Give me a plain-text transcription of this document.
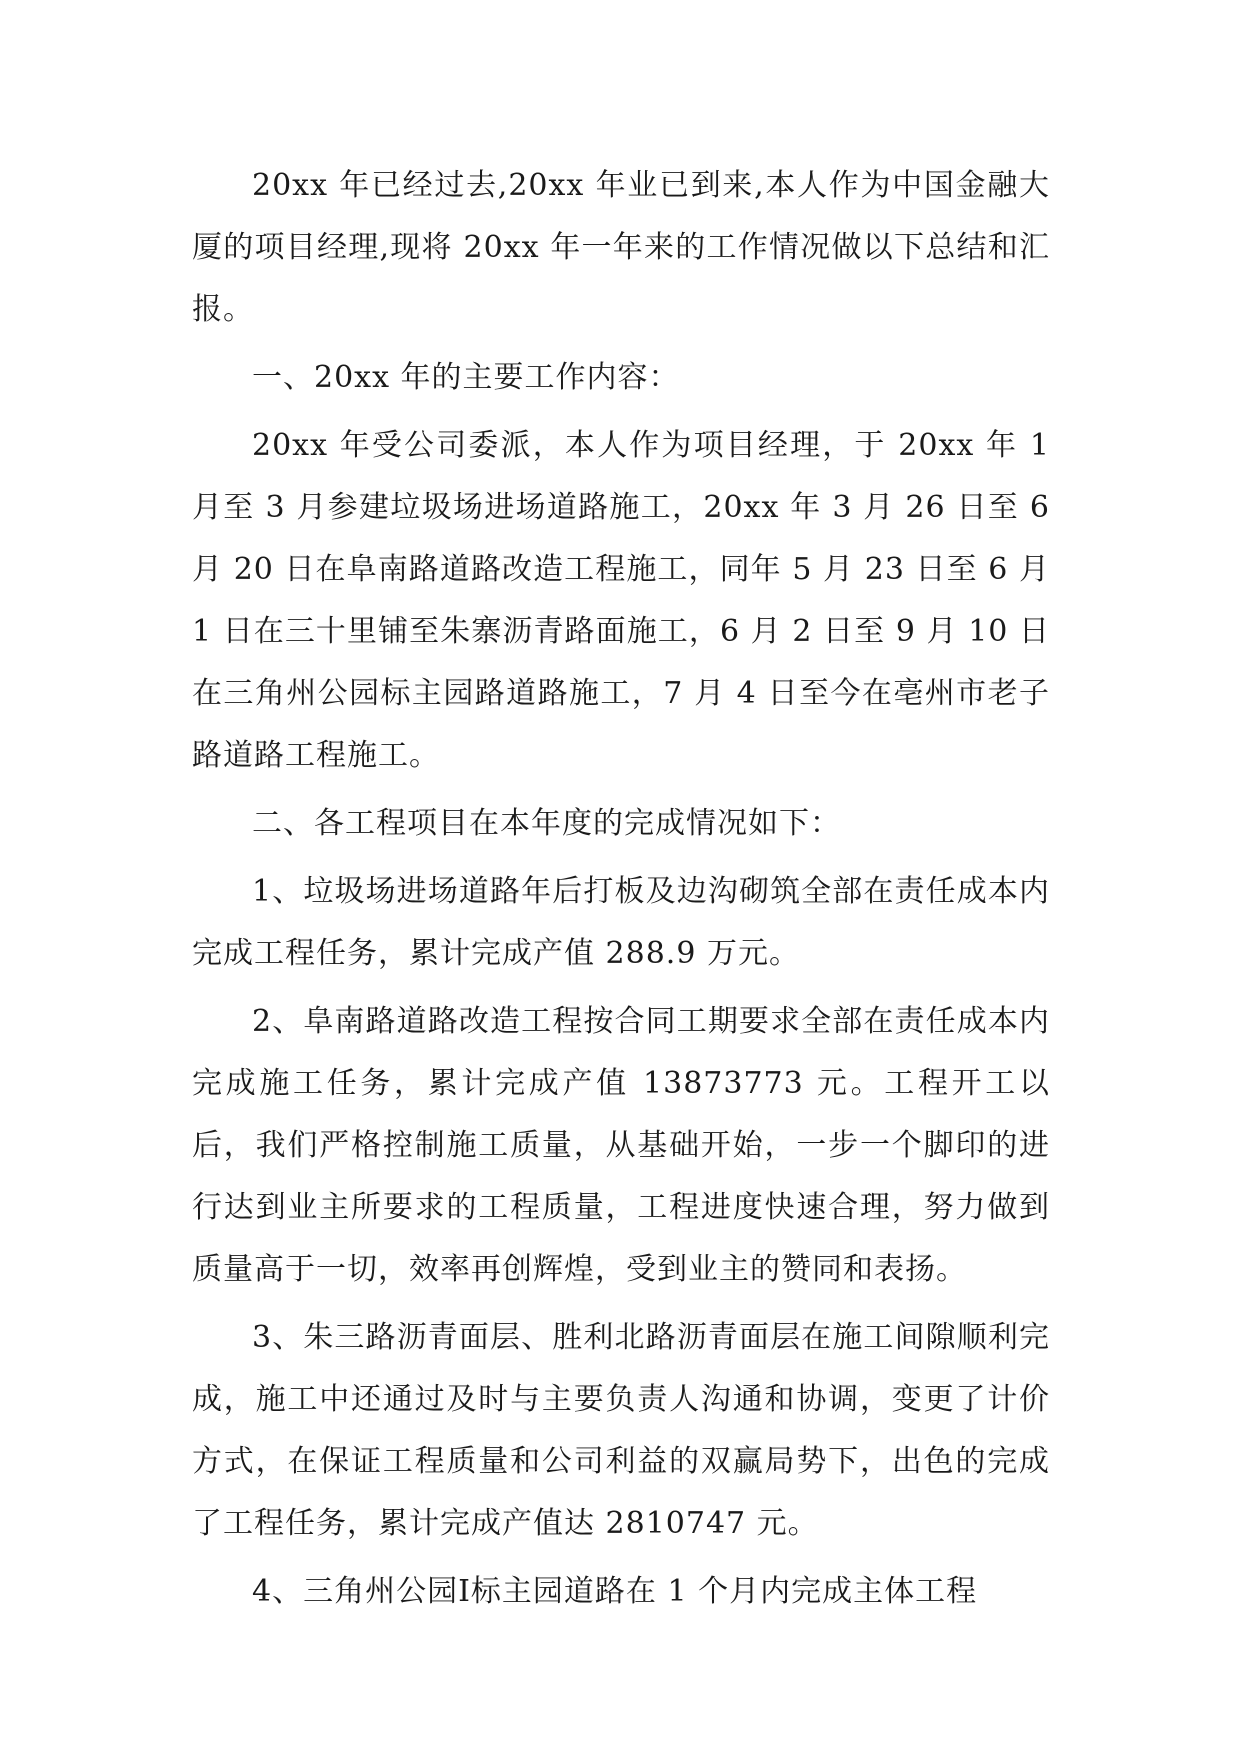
20xx 年已经过去,20xx 年业已到来,本人作为中国金融大厦的项目经理,现将 20xx 年一年来的工作情况做以下总结和汇报。

一、20xx 年的主要工作内容：

20xx 年受公司委派，本人作为项目经理，于 20xx 年 1 月至 3 月参建垃圾场进场道路施工，20xx 年 3 月 26 日至 6 月 20 日在阜南路道路改造工程施工，同年 5 月 23 日至 6 月 1 日在三十里铺至朱寨沥青路面施工，6 月 2 日至 9 月 10 日在三角州公园标主园路道路施工，7 月 4 日至今在亳州市老子路道路工程施工。

二、各工程项目在本年度的完成情况如下：

1、垃圾场进场道路年后打板及边沟砌筑全部在责任成本内完成工程任务，累计完成产值 288.9 万元。

2、阜南路道路改造工程按合同工期要求全部在责任成本内完成施工任务，累计完成产值 13873773 元。工程开工以后，我们严格控制施工质量，从基础开始，一步一个脚印的进行达到业主所要求的工程质量，工程进度快速合理，努力做到质量高于一切，效率再创辉煌，受到业主的赞同和表扬。

3、朱三路沥青面层、胜利北路沥青面层在施工间隙顺利完成，施工中还通过及时与主要负责人沟通和协调，变更了计价方式，在保证工程质量和公司利益的双赢局势下，出色的完成了工程任务，累计完成产值达 2810747 元。

4、三角州公园Ⅰ标主园道路在 1 个月内完成主体工程
